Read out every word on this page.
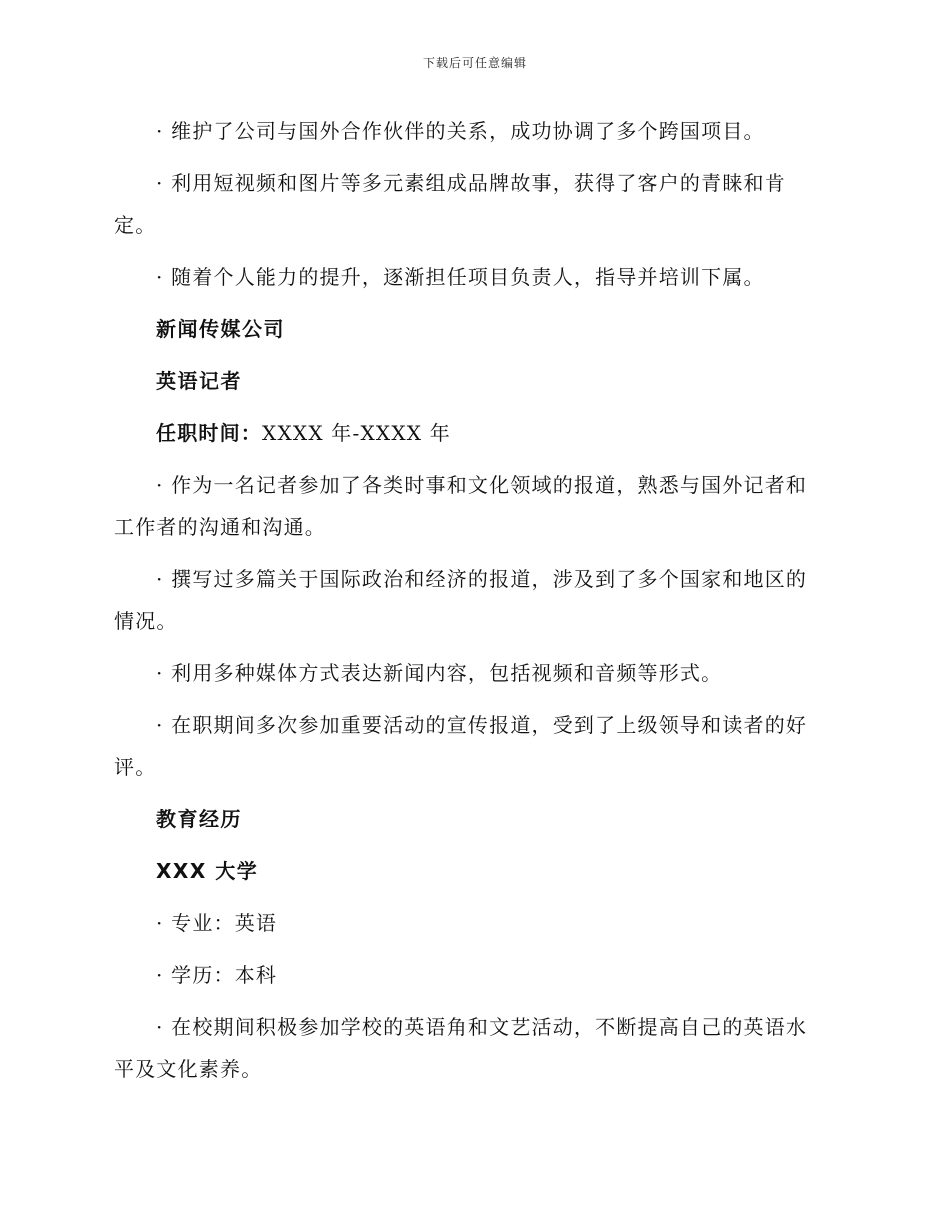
下载后可任意编辑

· 维护了公司与国外合作伙伴的关系，成功协调了多个跨国项目。

· 利用短视频和图片等多元素组成品牌故事，获得了客户的青睐和肯定。

· 随着个人能力的提升，逐渐担任项目负责人，指导并培训下属。

新闻传媒公司

英语记者

任职时间：XXXX 年-XXXX 年

· 作为一名记者参加了各类时事和文化领域的报道，熟悉与国外记者和工作者的沟通和沟通。

· 撰写过多篇关于国际政治和经济的报道，涉及到了多个国家和地区的情况。

· 利用多种媒体方式表达新闻内容，包括视频和音频等形式。

· 在职期间多次参加重要活动的宣传报道，受到了上级领导和读者的好评。

教育经历

XXX 大学

· 专业：英语

· 学历：本科

· 在校期间积极参加学校的英语角和文艺活动，不断提高自己的英语水平及文化素养。
